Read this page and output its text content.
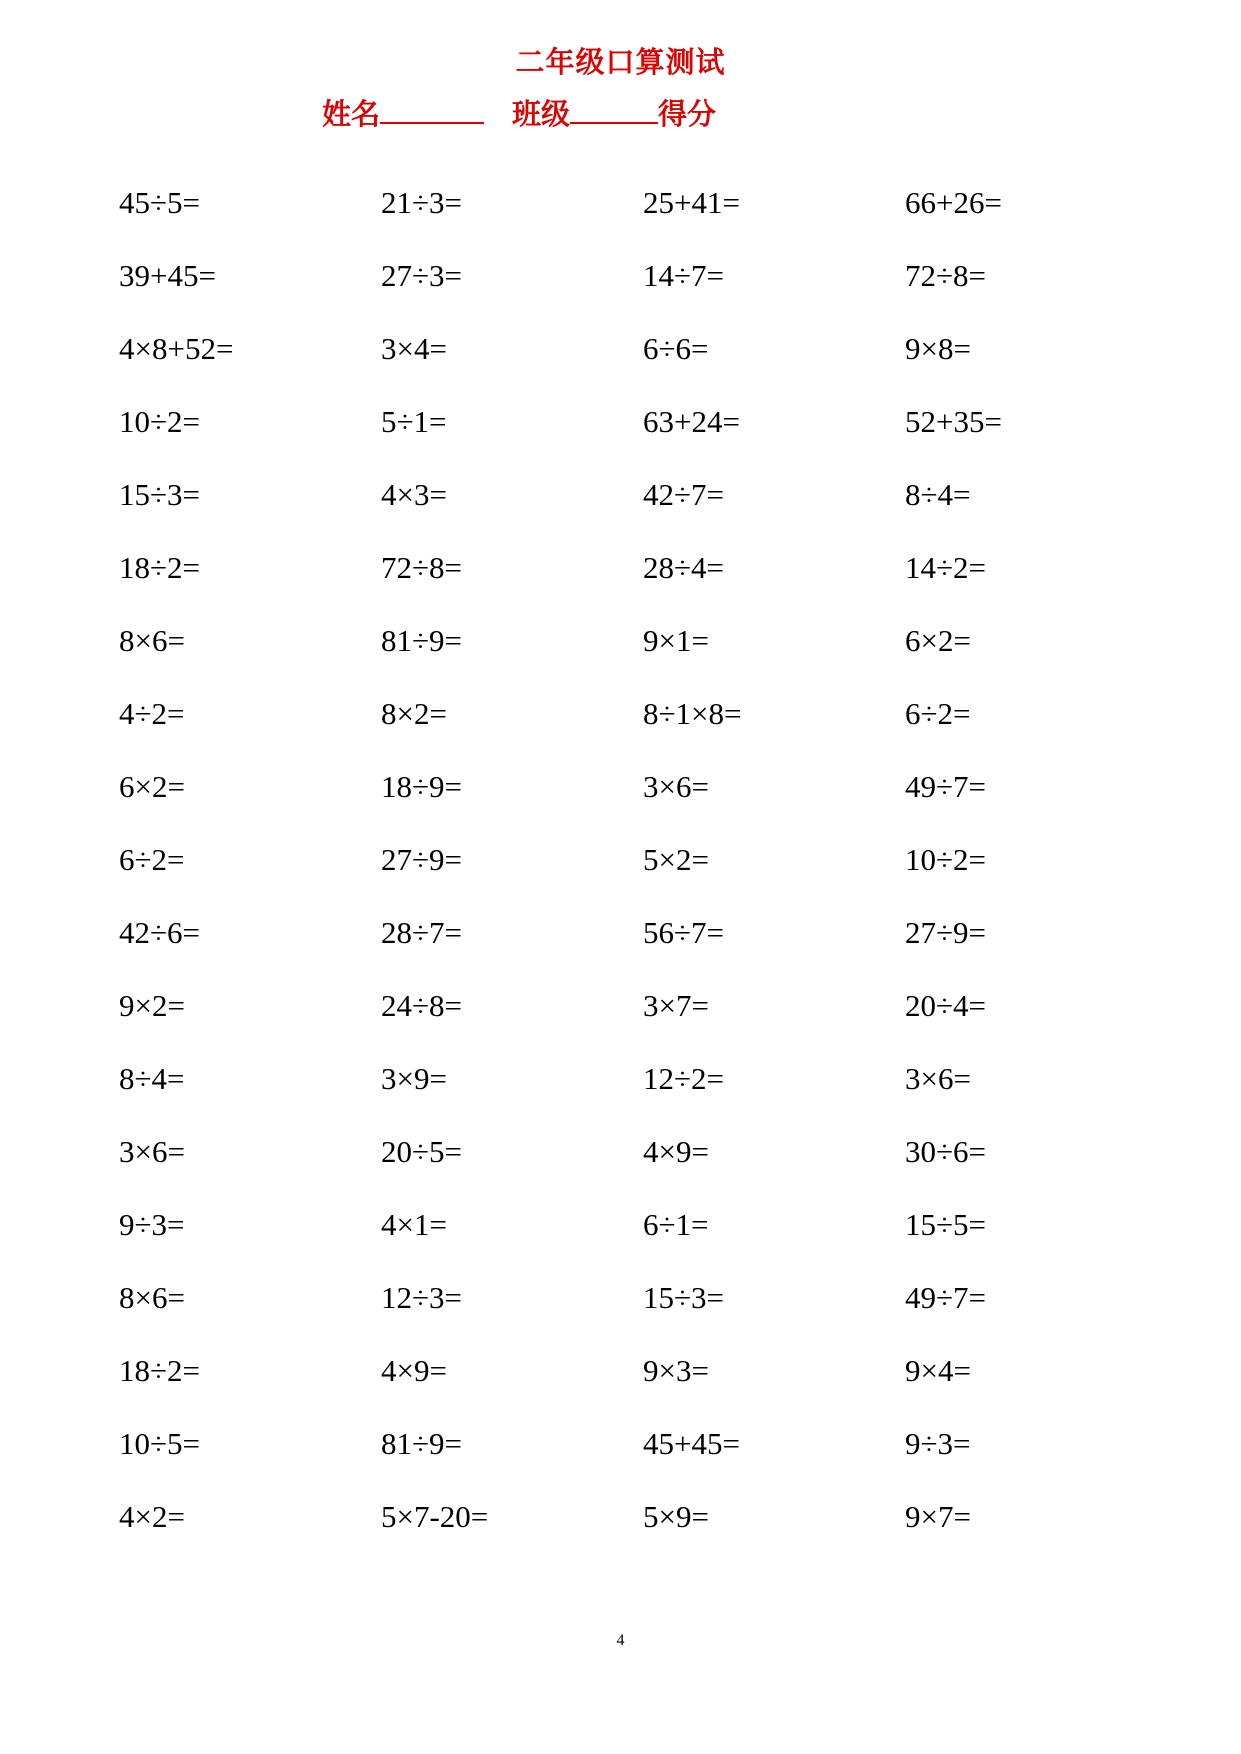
二年级口算测试
姓名	班级	得分
45÷5=	21÷3=	25+41=	66+26=
39+45=	27÷3=	14÷7=	72÷8=
4×8+52=	3×4=	6÷6=	9×8=
10÷2=	5÷1=	63+24=	52+35=
15÷3=	4×3=	42÷7=	8÷4=
18÷2=	72÷8=	28÷4=	14÷2=
8×6=	81÷9=	9×1=	6×2=
4÷2=	8×2=	8÷1×8=	6÷2=
6×2=	18÷9=	3×6=	49÷7=
6÷2=	27÷9=	5×2=	10÷2=
42÷6=	28÷7=	56÷7=	27÷9=
9×2=	24÷8=	3×7=	20÷4=
8÷4=	3×9=	12÷2=	3×6=
3×6=	20÷5=	4×9=	30÷6=
9÷3=	4×1=	6÷1=	15÷5=
8×6=	12÷3=	15÷3=	49÷7=
18÷2=	4×9=	9×3=	9×4=
10÷5=	81÷9=	45+45=	9÷3=
4×2=	5×7-20=	5×9=	9×7=
4
